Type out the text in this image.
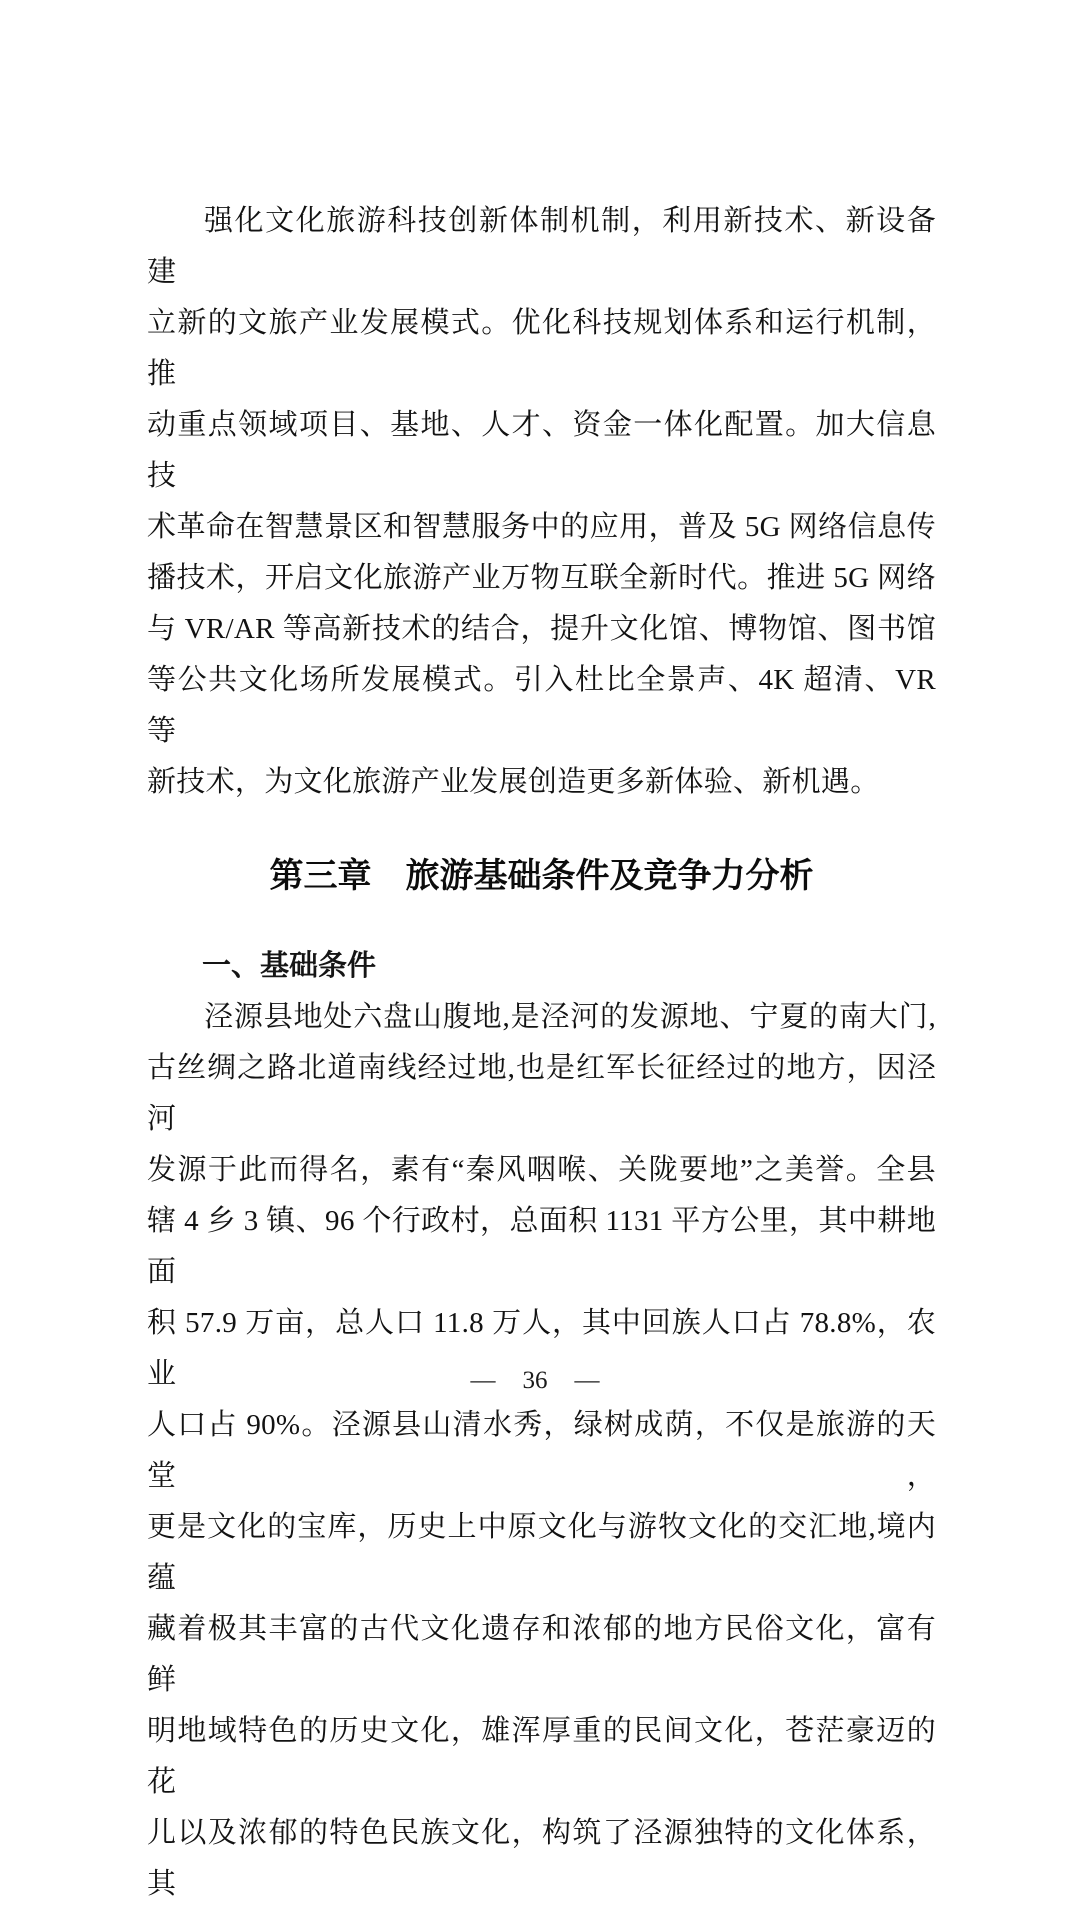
强化文化旅游科技创新体制机制，利用新技术、新设备建
立新的文旅产业发展模式。优化科技规划体系和运行机制，推
动重点领域项目、基地、人才、资金一体化配置。加大信息技
术革命在智慧景区和智慧服务中的应用，普及 5G 网络信息传
播技术，开启文化旅游产业万物互联全新时代。推进 5G 网络
与 VR/AR 等高新技术的结合，提升文化馆、博物馆、图书馆
等公共文化场所发展模式。引入杜比全景声、4K 超清、VR 等
新技术，为文化旅游产业发展创造更多新体验、新机遇。

第三章　旅游基础条件及竞争力分析
一、基础条件

泾源县地处六盘山腹地,是泾河的发源地、宁夏的南大门,
古丝绸之路北道南线经过地,也是红军长征经过的地方，因泾河
发源于此而得名，素有“秦风咽喉、关陇要地”之美誉。全县
辖 4 乡 3 镇、96 个行政村，总面积 1131 平方公里，其中耕地面
积 57.9 万亩，总人口 11.8 万人，其中回族人口占 78.8%，农业
人口占 90%。泾源县山清水秀，绿树成荫，不仅是旅游的天堂，
更是文化的宝库，历史上中原文化与游牧文化的交汇地,境内蕴
藏着极其丰富的古代文化遗存和浓郁的地方民俗文化，富有鲜
明地域特色的历史文化，雄浑厚重的民间文化，苍茫豪迈的花
儿以及浓郁的特色民族文化，构筑了泾源独特的文化体系，其

— 36 —
